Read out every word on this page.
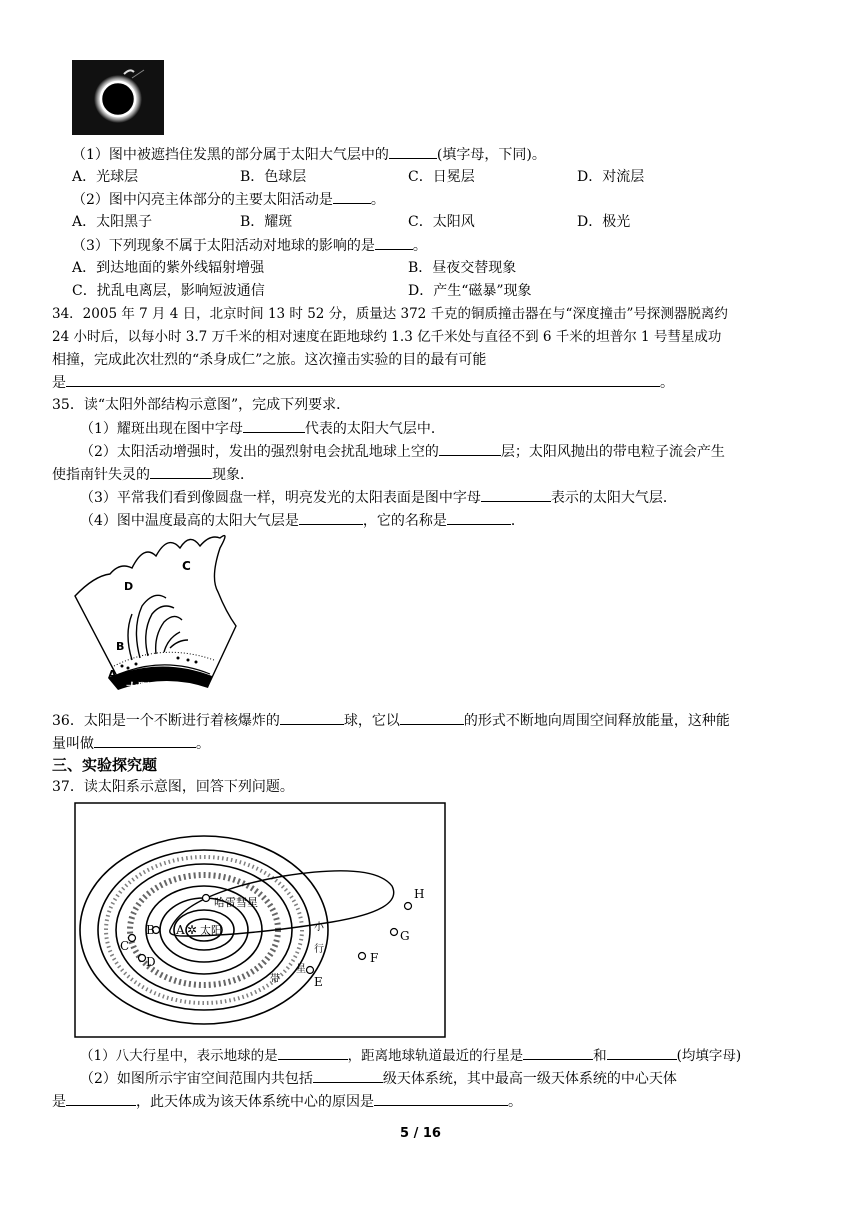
（1）图中被遮挡住发黑的部分属于太阳大气层中的	(填字母，下同)。
A．光球层	B．色球层	C．日冕层	D．对流层
（2）图中闪亮主体部分的主要太阳活动是	。
A．太阳黑子	B．耀斑	C．太阳风	D．极光
（3）下列现象不属于太阳活动对地球的影响的是	。
A．到达地面的紫外线辐射增强	B．昼夜交替现象
C．扰乱电离层，影响短波通信	D．产生“磁暴”现象
34．2005 年 7 月 4 日，北京时间 13 时 52 分，质量达 372 千克的铜质撞击器在与“深度撞击”号探测器脱离约
24 小时后，以每小时 3.7 万千米的相对速度在距地球约 1.3 亿千米处与直径不到 6 千米的坦普尔 1 号彗星成功
相撞，完成此次壮烈的“杀身成仁”之旅。这次撞击实验的目的最有可能
是	。
35．读“太阳外部结构示意图”，完成下列要求．
（1）耀斑出现在图中字母	代表的太阳大气层中．
（2）太阳活动增强时，发出的强烈射电会扰乱地球上空的	层；太阳风抛出的带电粒子流会产生
使指南针失灵的	现象．
（3）平常我们看到像圆盘一样，明亮发光的太阳表面是图中字母	表示的太阳大气层．
（4）图中温度最高的太阳大气层是	，它的名称是	．
D
C
B
A
太阳内部
36．太阳是一个不断进行着核爆炸的	球，它以	的形式不断地向周围空间释放能量，这种能
量叫做	。
三、实验探究题
37．读太阳系示意图，回答下列问题。
A ✲ 太阳
B
C
D
E
F
G
H
哈雷彗星
小
行
星
带
（1）八大行星中，表示地球的是	，距离地球轨道最近的行星是	和	(均填字母)
（2）如图所示宇宙空间范围内共包括	级天体系统，其中最高一级天体系统的中心天体
是	，此天体成为该天体系统中心的原因是	。
5 / 16
